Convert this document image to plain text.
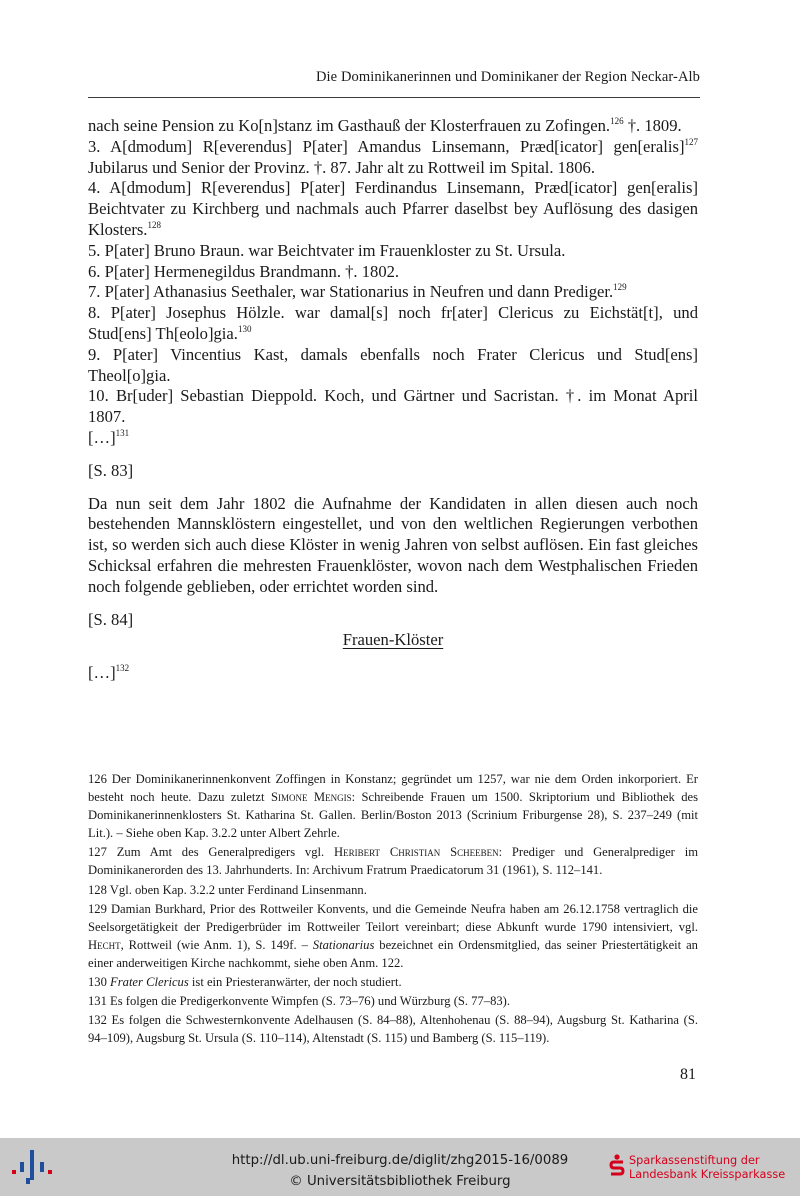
Die Dominikanerinnen und Dominikaner der Region Neckar-Alb

nach seine Pension zu Ko[n]stanz im Gasthauß der Klosterfrauen zu Zofingen.$^{126}$ †. 1809.

3. A[dmodum] R[everendus] P[ater] Amandus Linsemann, Præd[icator] gen[eralis]$^{127}$ Jubilarus und Senior der Provinz. †. 87. Jahr alt zu Rottweil im Spital. 1806.

4. A[dmodum] R[everendus] P[ater] Ferdinandus Linsemann, Præd[icator] gen[eralis] Beichtvater zu Kirchberg und nachmals auch Pfarrer daselbst bey Auflösung des dasigen Klosters.$^{128}$

5. P[ater] Bruno Braun. war Beichtvater im Frauenkloster zu St. Ursula.

6. P[ater] Hermenegildus Brandmann. †. 1802.

7. P[ater] Athanasius Seethaler, war Stationarius in Neufren und dann Prediger.$^{129}$

8. P[ater] Josephus Hölzle. war damal[s] noch fr[ater] Clericus zu Eichstät[t], und Stud[ens] Th[eolo]gia.$^{130}$

9. P[ater] Vincentius Kast, damals ebenfalls noch Frater Clericus und Stud[ens] Theol[o]gia.

10. Br[uder] Sebastian Dieppold. Koch, und Gärtner und Sacristan. †. im Monat April 1807.

[…]$^{131}$

[S. 83]

Da nun seit dem Jahr 1802 die Aufnahme der Kandidaten in allen diesen auch noch bestehenden Mannsklöstern eingestellet, und von den weltlichen Regierungen verbothen ist, so werden sich auch diese Klöster in wenig Jahren von selbst auflösen. Ein fast gleiches Schicksal erfahren die mehresten Frauenklöster, wovon nach dem Westphalischen Frieden noch folgende geblieben, oder errichtet worden sind.

[S. 84]

Frauen-Klöster

[…]$^{132}$

126 Der Dominikanerinnenkonvent Zoffingen in Konstanz; gegründet um 1257, war nie dem Orden inkorporiert. Er besteht noch heute. Dazu zuletzt Simone Mengis: Schreibende Frauen um 1500. Skriptorium und Bibliothek des Dominikanerinnenklosters St. Katharina St. Gallen. Berlin/Boston 2013 (Scrinium Friburgense 28), S. 237–249 (mit Lit.). – Siehe oben Kap. 3.2.2 unter Albert Zehrle.

127 Zum Amt des Generalpredigers vgl. Heribert Christian Scheeben: Prediger und Generalprediger im Dominikanerorden des 13. Jahrhunderts. In: Archivum Fratrum Praedicatorum 31 (1961), S. 112–141.

128 Vgl. oben Kap. 3.2.2 unter Ferdinand Linsenmann.

129 Damian Burkhard, Prior des Rottweiler Konvents, und die Gemeinde Neufra haben am 26.12.1758 vertraglich die Seelsorgetätigkeit der Predigerbrüder im Rottweiler Teilort vereinbart; diese Abkunft wurde 1790 intensiviert, vgl. Hecht, Rottweil (wie Anm. 1), S. 149f. – Stationarius bezeichnet ein Ordensmitglied, das seiner Priestertätigkeit an einer anderweitigen Kirche nachkommt, siehe oben Anm. 122.

130 Frater Clericus ist ein Priesteranwärter, der noch studiert.

131 Es folgen die Predigerkonvente Wimpfen (S. 73–76) und Würzburg (S. 77–83).

132 Es folgen die Schwesternkonvente Adelhausen (S. 84–88), Altenhohenau (S. 88–94), Augsburg St. Katharina (S. 94–109), Augsburg St. Ursula (S. 110–114), Altenstadt (S. 115) und Bamberg (S. 115–119).

81
http://dl.ub.uni-freiburg.de/diglit/zhg2015-16/0089
© Universitätsbibliothek Freiburg
Sparkassenstiftung der
Landesbank Kreissparkasse
